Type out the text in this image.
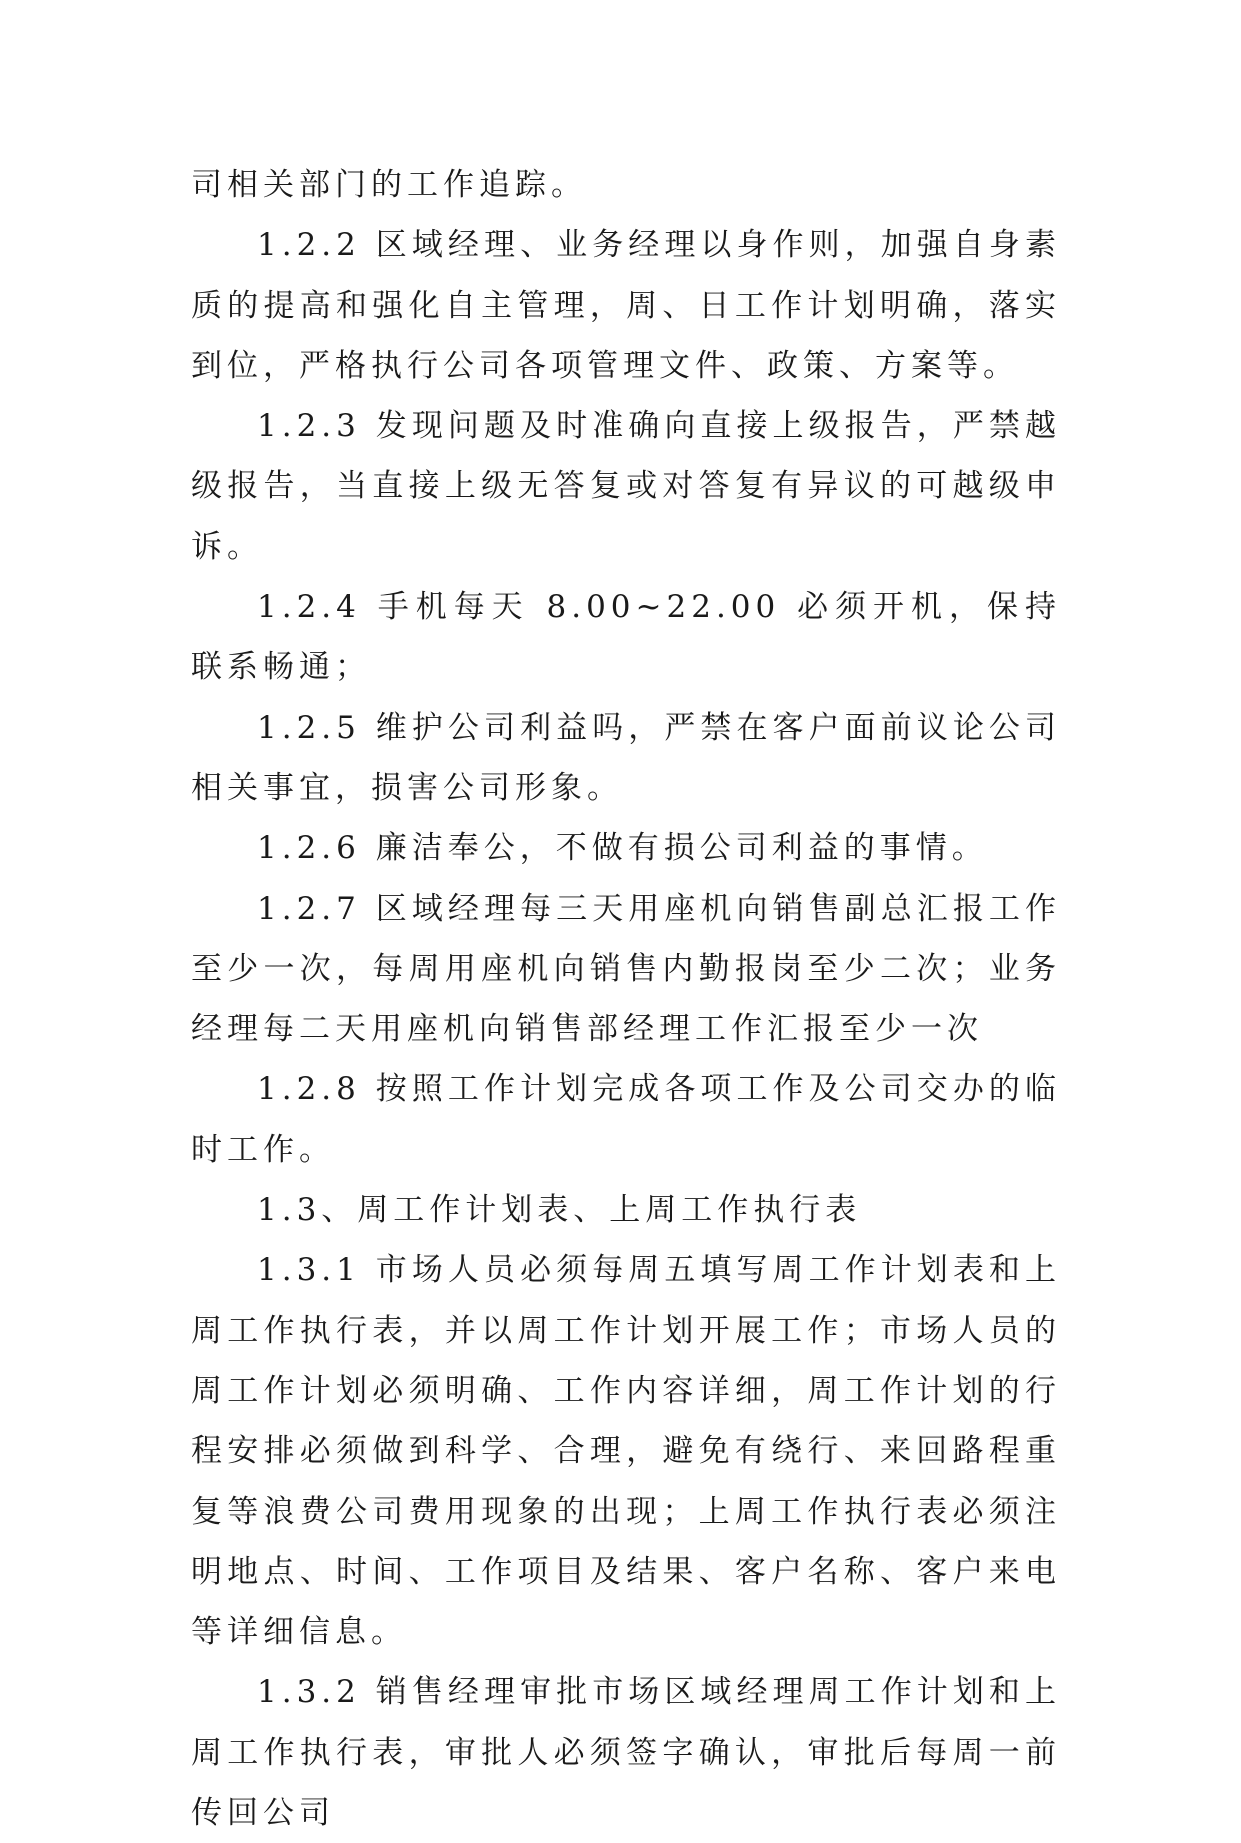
司相关部门的工作追踪。

1.2.2 区域经理、业务经理以身作则，加强自身素质的提高和强化自主管理，周、日工作计划明确，落实到位，严格执行公司各项管理文件、政策、方案等。

1.2.3 发现问题及时准确向直接上级报告，严禁越级报告，当直接上级无答复或对答复有异议的可越级申诉。

1.2.4 手机每天 8.00~22.00 必须开机，保持联系畅通；

1.2.5 维护公司利益吗，严禁在客户面前议论公司相关事宜，损害公司形象。

1.2.6 廉洁奉公，不做有损公司利益的事情。

1.2.7 区域经理每三天用座机向销售副总汇报工作至少一次，每周用座机向销售内勤报岗至少二次；业务经理每二天用座机向销售部经理工作汇报至少一次

1.2.8 按照工作计划完成各项工作及公司交办的临时工作。

1.3、周工作计划表、上周工作执行表

1.3.1 市场人员必须每周五填写周工作计划表和上周工作执行表，并以周工作计划开展工作；市场人员的周工作计划必须明确、工作内容详细，周工作计划的行程安排必须做到科学、合理，避免有绕行、来回路程重复等浪费公司费用现象的出现；上周工作执行表必须注明地点、时间、工作项目及结果、客户名称、客户来电等详细信息。

1.3.2 销售经理审批市场区域经理周工作计划和上周工作执行表，审批人必须签字确认，审批后每周一前传回公司
